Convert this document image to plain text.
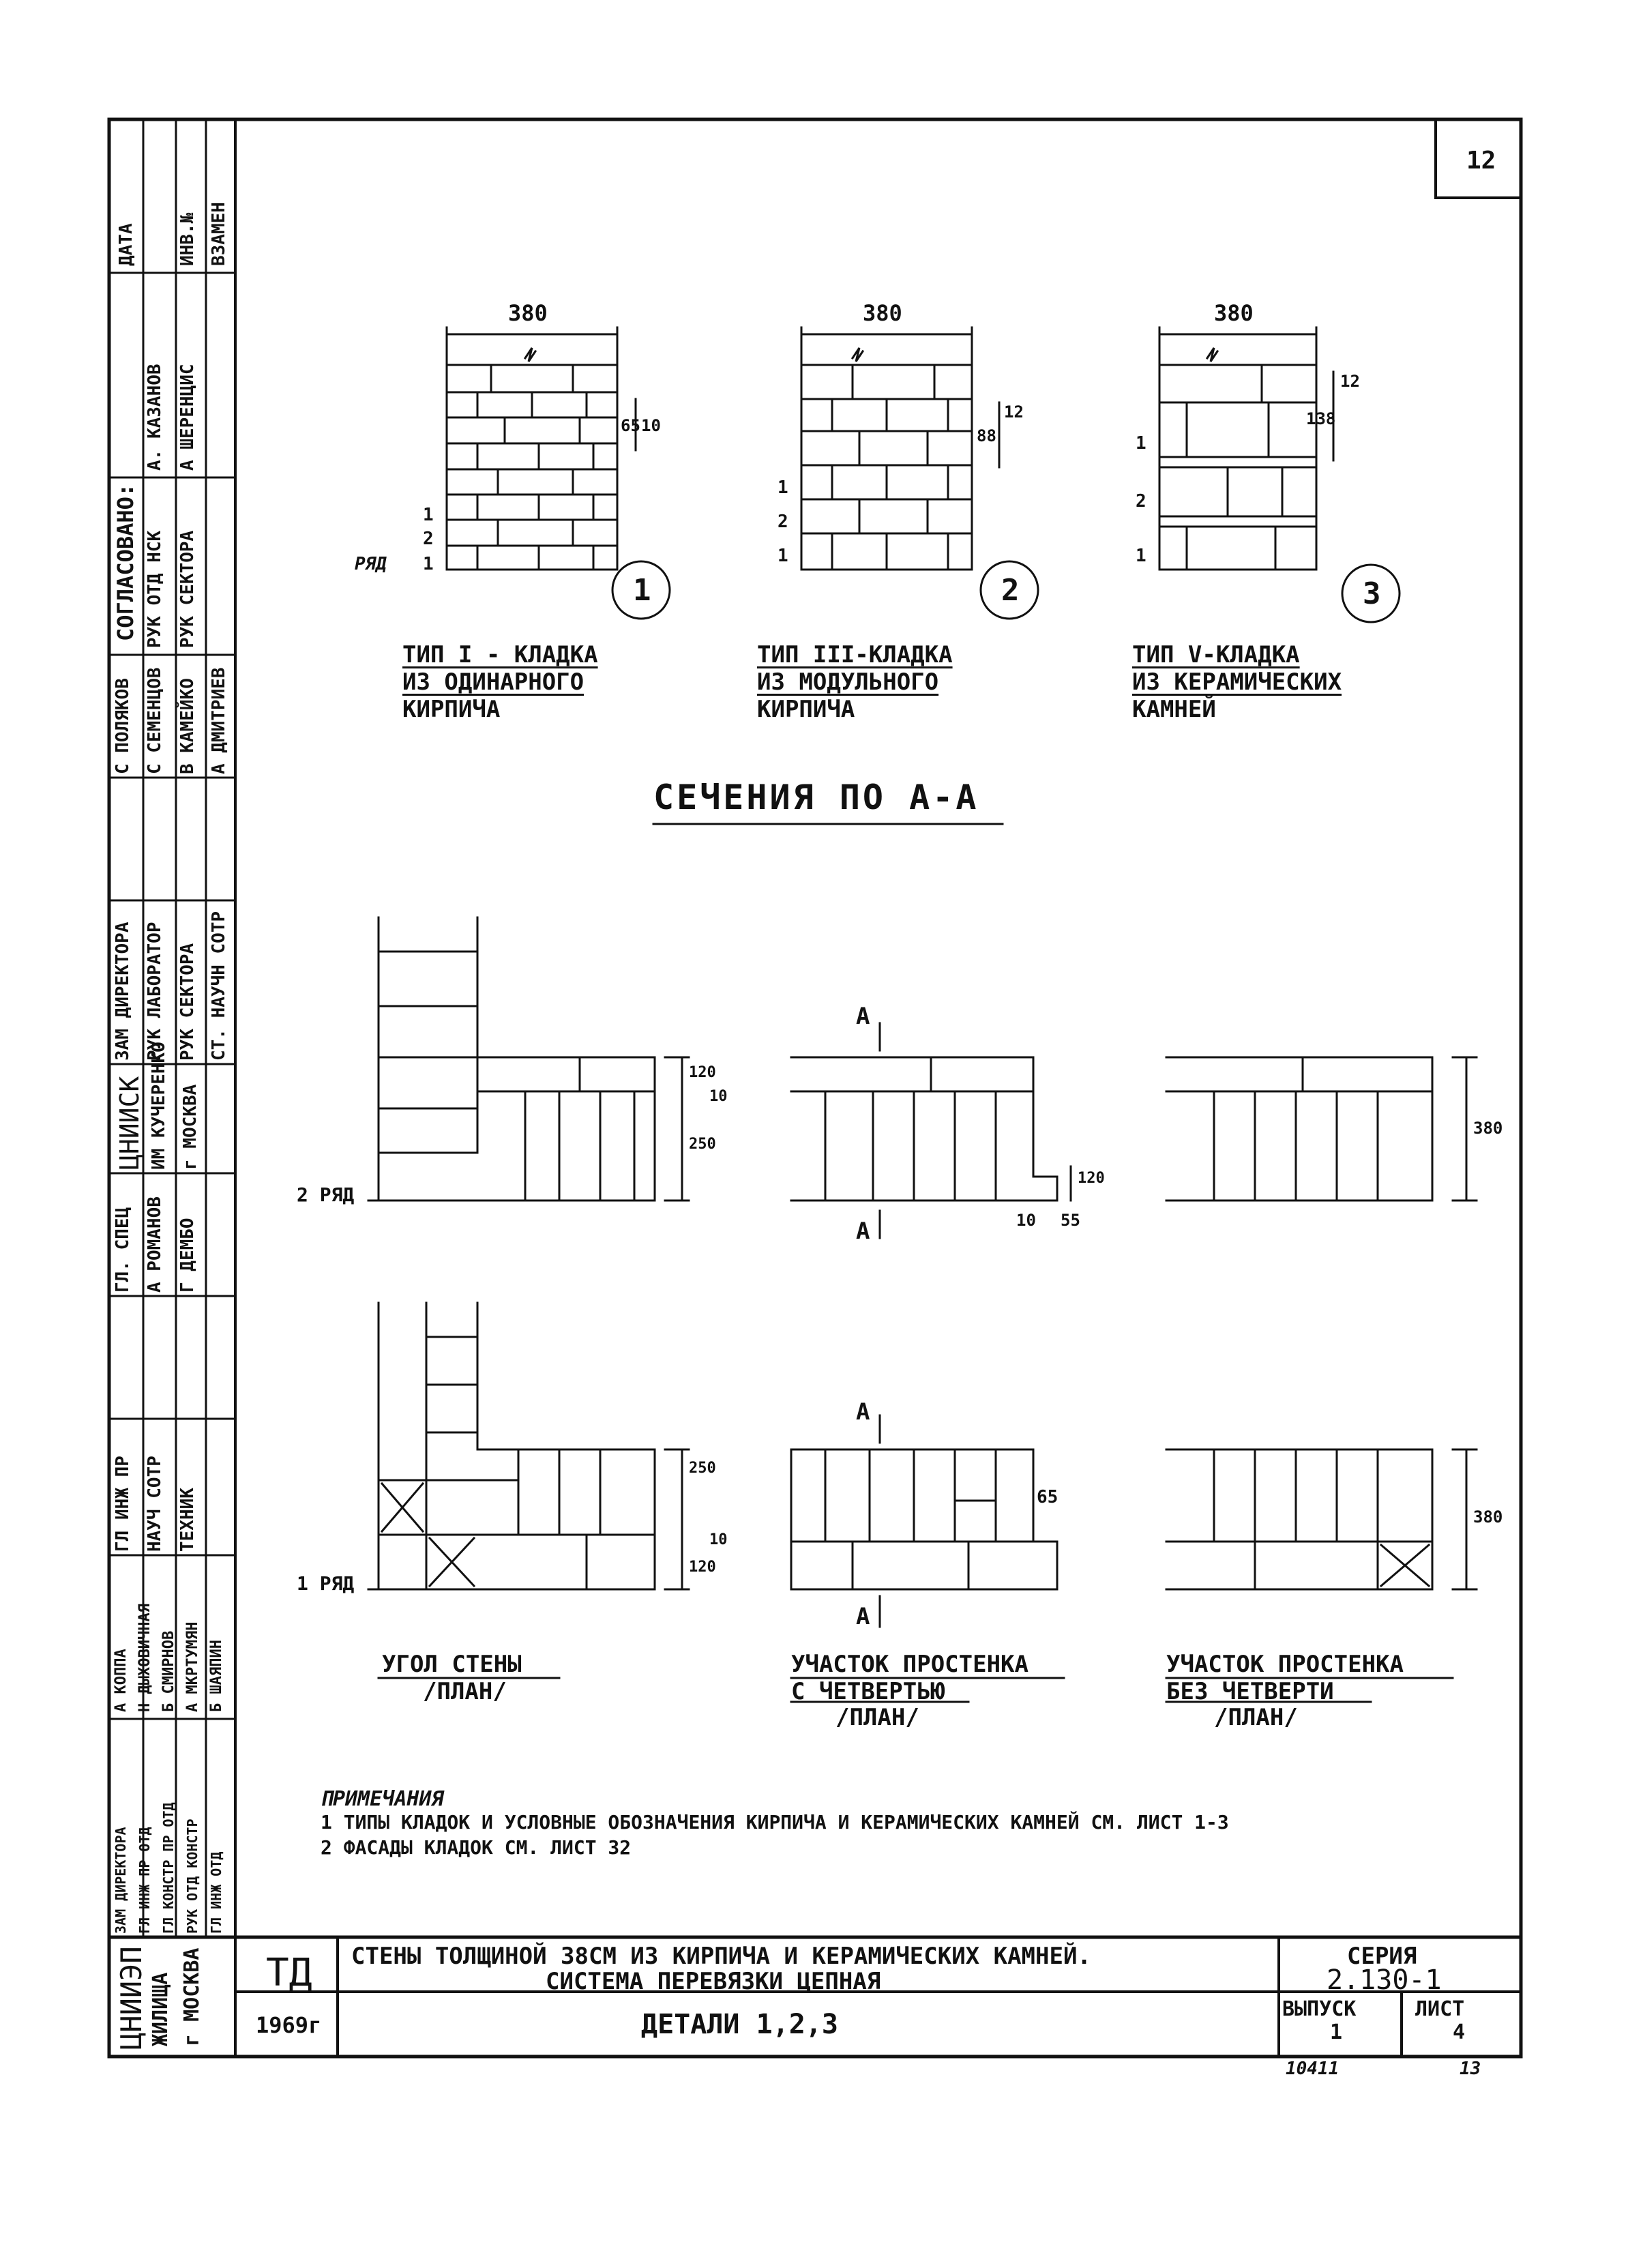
12
380
65 10
1
2
1
РЯД
1
ТИП I - КЛАДКА
ИЗ ОДИНАРНОГО
КИРПИЧА
380
88
12
1
2
1
2
ТИП III-КЛАДКА
ИЗ МОДУЛЬНОГО
КИРПИЧА
380
138
12
1
2
1
3
ТИП V-КЛАДКА
ИЗ КЕРАМИЧЕСКИХ
КАМНЕЙ
СЕЧЕНИЯ ПО А-А
2 РЯД
1 РЯД
А
А
А
А
120
10
250
120
10 55
380
250
10
120
65
380
УГОЛ СТЕНЫ
/ПЛАН/
УЧАСТОК ПРОСТЕНКА
С ЧЕТВЕРТЬЮ
/ПЛАН/
УЧАСТОК ПРОСТЕНКА
БЕЗ ЧЕТВЕРТИ
/ПЛАН/
ПРИМЕЧАНИЯ
1 ТИПЫ КЛАДОК И УСЛОВНЫЕ ОБОЗНАЧЕНИЯ КИРПИЧА И КЕРАМИЧЕСКИХ КАМНЕЙ СМ. ЛИСТ 1-3
2 ФАСАДЫ КЛАДОК СМ. ЛИСТ 32
ТД
1969г
СТЕНЫ ТОЛЩИНОЙ 38СМ ИЗ КИРПИЧА И КЕРАМИЧЕСКИХ КАМНЕЙ.
СИСТЕМА ПЕРЕВЯЗКИ ЦЕПНАЯ
ДЕТАЛИ 1,2,3
СЕРИЯ
2.130-1
ВЫПУСК
1
ЛИСТ
4
10411	13
ЦНИИЭП ЖИЛИЩА г МОСКВА
ДАТА ИНВ.№ ВЗАМЕН
СОГЛАСОВАНО:
А. КАЗАНОВ А ШЕРЕНЦИС
РУК ОТД НСК РУК СЕКТОРА
С ПОЛЯКОВ С СЕМЕНЦОВ В КАМЕЙКО А ДМИТРИЕВ
ЗАМ ДИРЕКТОРА РУК ЛАБОРАТОР РУК СЕКТОРА СТ. НАУЧН СОТР
ЦНИИСК ИМ КУЧЕРЕНКО г МОСКВА
ГЛ. СПЕЦ А РОМАНОВ Г ДЕМБО
ГЛ ИНЖ ПР НАУЧ СОТР ТЕХНИК
А КОППА Н ДЫХОВИЧНАЯ Б СМИРНОВ А МКРТУМЯН Б ШАЯПИН
ЗАМ ДИРЕКТОРА ГЛ ИНЖ ПР ОТД ГЛ КОНСТР ПР ОТД РУК ОТД КОНСТР ГЛ ИНЖ ОТД
